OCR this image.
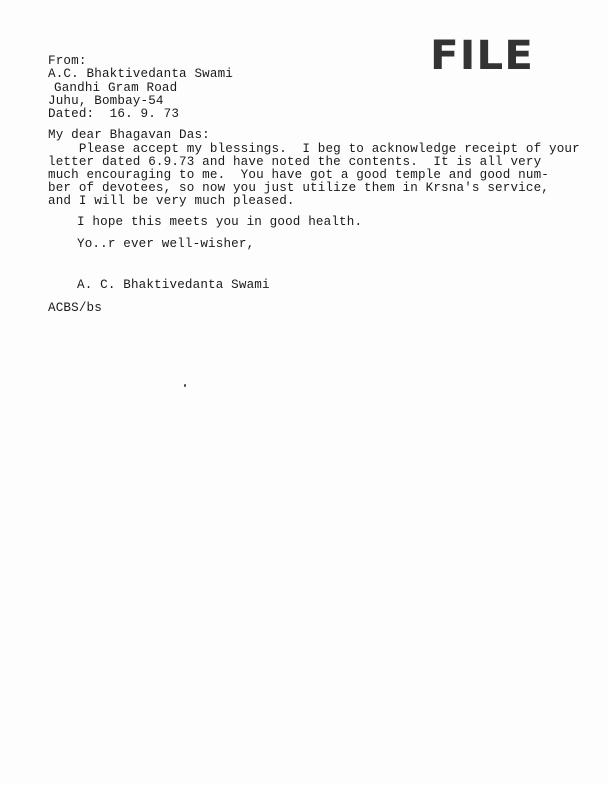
FILE
From:
A.C. Bhaktivedanta Swami
Gandhi Gram Road
Juhu, Bombay-54
Dated:  16. 9. 73
My dear Bhagavan Das:
Please accept my blessings.  I beg to acknowledge receipt of your
letter dated 6.9.73 and have noted the contents.  It is all very
much encouraging to me.  You have got a good temple and good num-
ber of devotees, so now you just utilize them in Krsna's service,
and I will be very much pleased.
I hope this meets you in good health.
Yo..r ever well-wisher,
A. C. Bhaktivedanta Swami
ACBS/bs
